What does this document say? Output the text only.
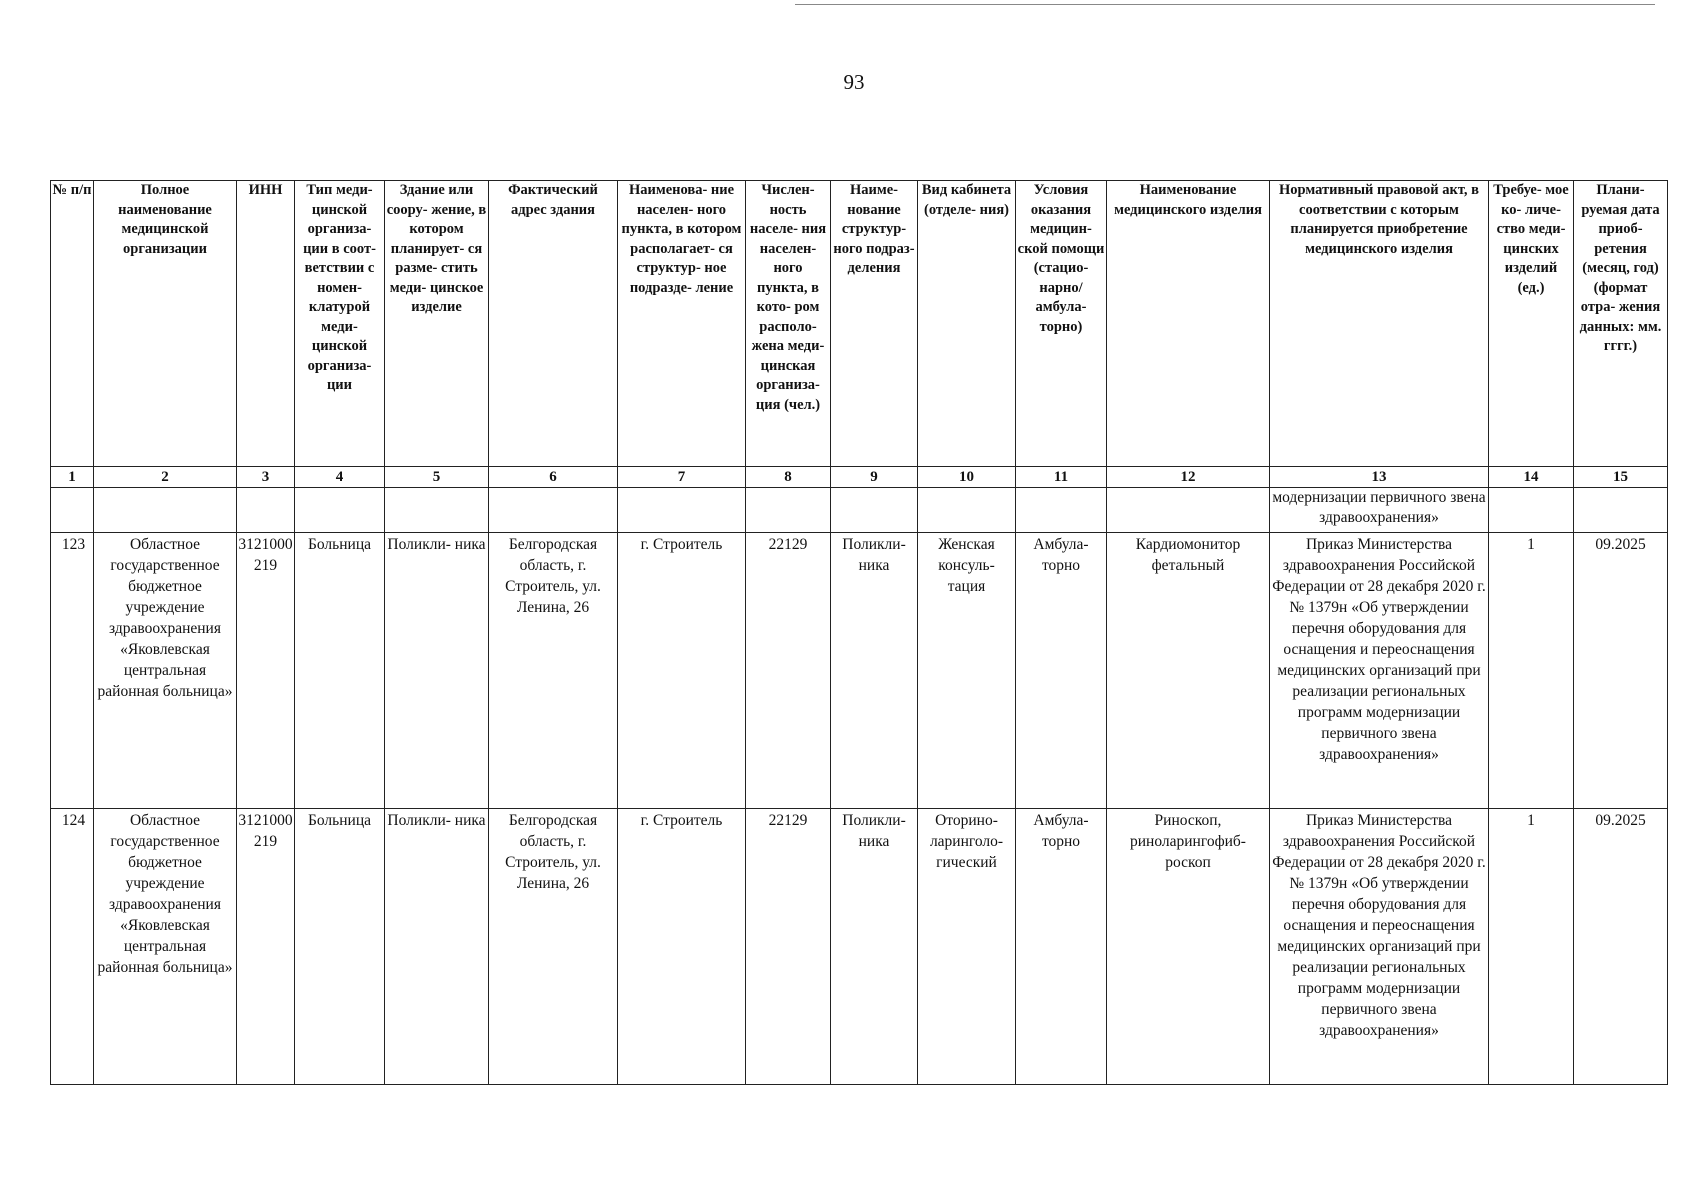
93
№ п/п	Полное наименование медицинской организации	ИНН	Тип меди- цинской организа- ции в соот- ветствии с номен- клатурой меди- цинской организа- ции	Здание или соору- жение, в котором планирует- ся разме- стить меди- цинское изделие	Фактический адрес здания	Наименова- ние населен- ного пункта, в котором располагает- ся структур- ное подразде- ление	Числен- ность населе- ния населен- ного пункта, в кото- ром располо- жена меди- цинская организа- ция (чел.)	Наиме- нование структур- ного подраз- деления	Вид кабинета (отделе- ния)	Условия оказания медицин- ской помощи (стацио- нарно/ амбула- торно)	Наименование медицинского изделия	Нормативный правовой акт, в соответствии с которым планируется приобретение медицинского изделия	Требуе- мое ко- личе- ство меди- цинских изделий (ед.)	Плани- руемая дата приоб- ретения (месяц, год) (формат отра- жения данных: мм. гггг.)
1	2	3	4	5	6	7	8	9	10	11	12	13	14	15
												модернизации первичного звена здравоохранения»		
123	Областное государственное бюджетное учреждение здравоохранения «Яковлевская центральная районная больница»	3121000219	Больница	Поликли- ника	Белгородская область, г. Строитель, ул. Ленина, 26	г. Строитель	22129	Поликли- ника	Женская консуль- тация	Амбула- торно	Кардиомонитор фетальный	Приказ Министерства здравоохранения Российской Федерации от 28 декабря 2020 г. № 1379н «Об утверждении перечня оборудования для оснащения и переоснащения медицинских организаций при реализации региональных программ модернизации первичного звена здравоохранения»	1	09.2025
124	Областное государственное бюджетное учреждение здравоохранения «Яковлевская центральная районная больница»	3121000219	Больница	Поликли- ника	Белгородская область, г. Строитель, ул. Ленина, 26	г. Строитель	22129	Поликли- ника	Оторино- ларинголо- гический	Амбула- торно	Риноскоп, риноларингофиб- роскоп	Приказ Министерства здравоохранения Российской Федерации от 28 декабря 2020 г. № 1379н «Об утверждении перечня оборудования для оснащения и переоснащения медицинских организаций при реализации региональных программ модернизации первичного звена здравоохранения»	1	09.2025
